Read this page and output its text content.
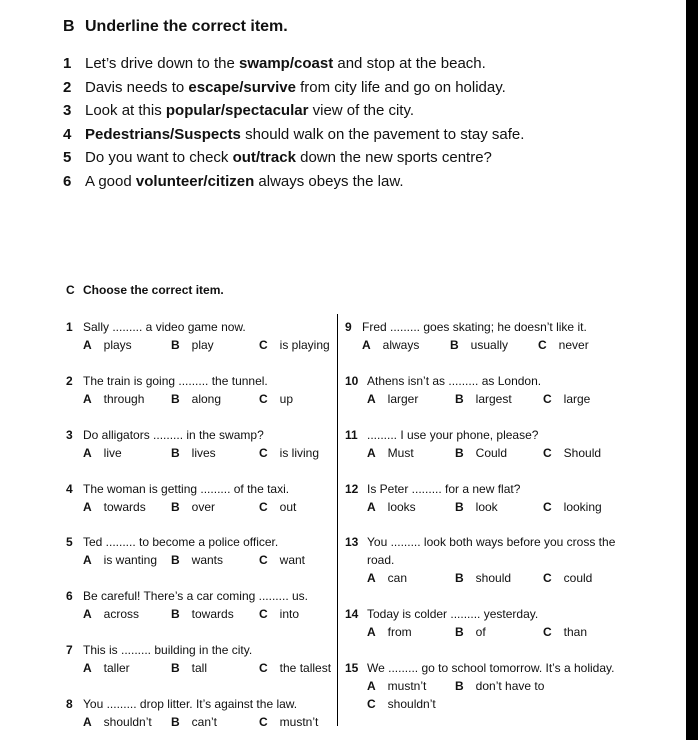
B Underline the correct item.
1 Let’s drive down to the swamp/coast and stop at the beach.
2 Davis needs to escape/survive from city life and go on holiday.
3 Look at this popular/spectacular view of the city.
4 Pedestrians/Suspects should walk on the pavement to stay safe.
5 Do you want to check out/track down the new sports centre?
6 A good volunteer/citizen always obeys the law.
C Choose the correct item.
1 Sally ......... a video game now.
A plays	B play	C is playing
2 The train is going ......... the tunnel.
A through B along	C up
3 Do alligators ......... in the swamp?
A live	B lives	C is living
4 The woman is getting ......... of the taxi.
A towards B over	C out
5 Ted ......... to become a police officer.
A is wanting B wants	C want
6 Be careful! There’s a car coming ......... us.
A across	B towards C into
7 This is ......... building in the city.
A taller	B tall	C the tallest
8 You ......... drop litter. It’s against the law.
A shouldn’t B can’t	C mustn’t
9 Fred ......... goes skating; he doesn’t like it.
A always	B usually C never
10 Athens isn’t as ......... as London.
A larger	B largest	C large
11 ......... I use your phone, please?
A Must	B Could	C Should
12 Is Peter ......... for a new flat?
A looks	B look	C looking
13 You ......... look both ways before you cross the
road.
A can	B should	C could
14 Today is colder ......... yesterday.
A from	B of	C than
15 We ......... go to school tomorrow. It’s a holiday.
A mustn’t B don’t have to
C shouldn’t
